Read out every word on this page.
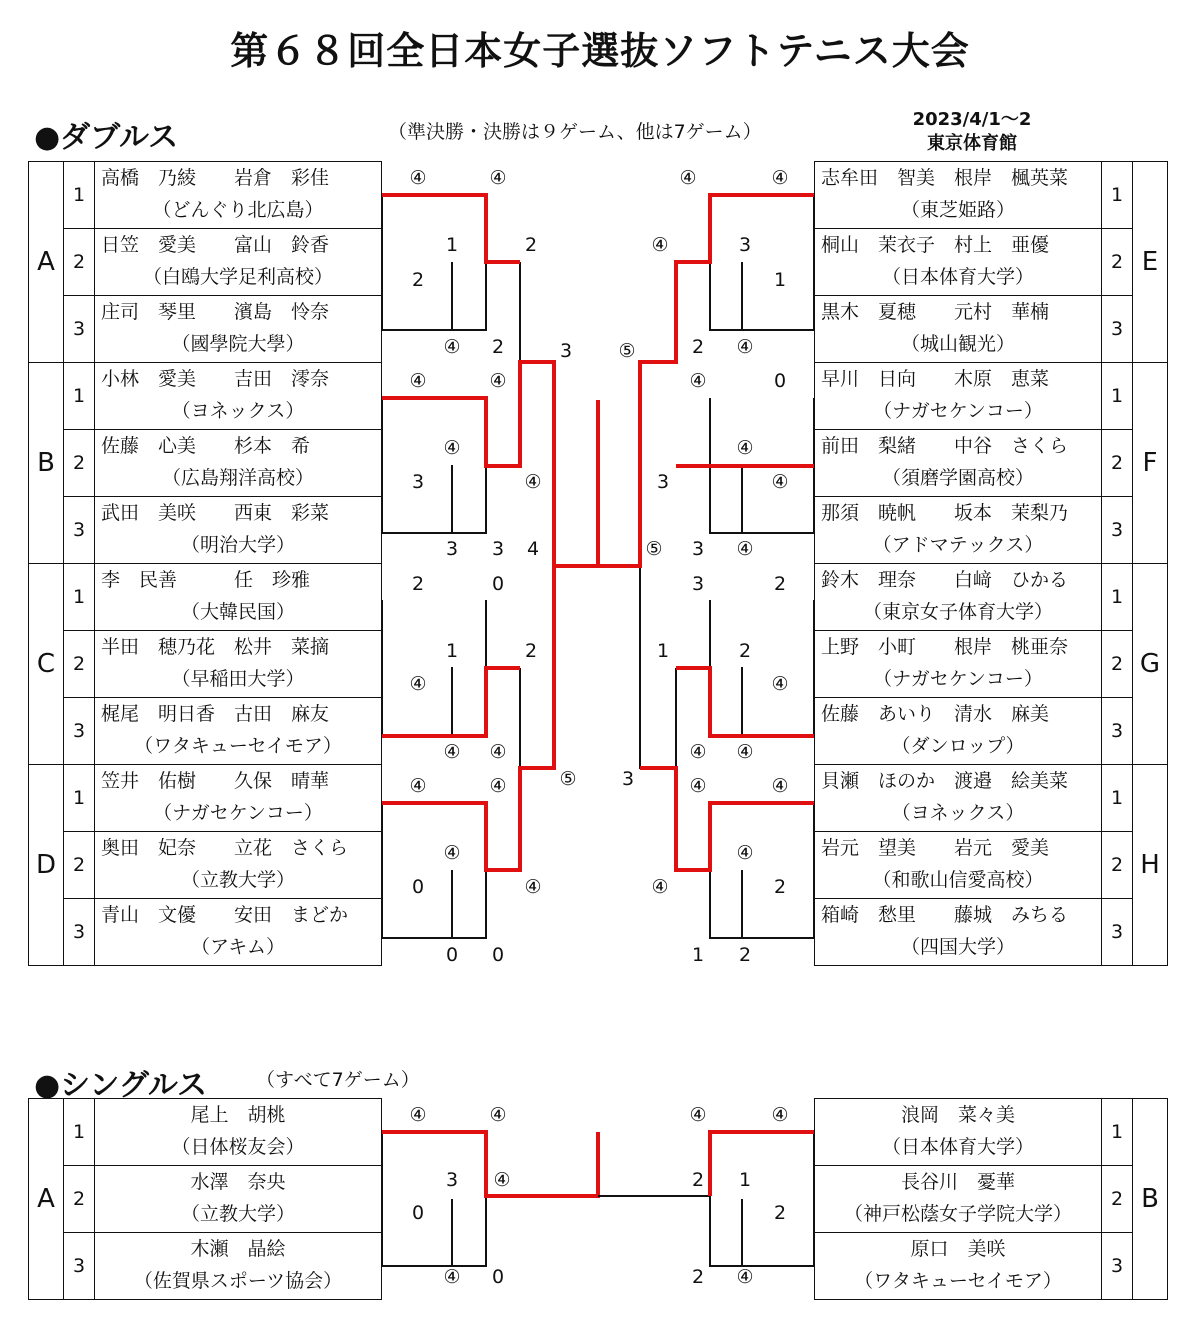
第６８回全日本女子選抜ソフトテニス大会
●ダブルス	（準決勝・決勝は９ゲーム、他は7ゲーム）
2023/4/1～2
東京体育館
A	1	高橋　乃綾　　岩倉　彩佳
（どんぐり北広島）

	2	日笠　愛美　　富山　鈴香
（白鴎大学足利高校）

	3	庄司　琴里　　濱島　怜奈
（國學院大學）

B	1	小林　愛美　　吉田　澪奈
（ヨネックス）

	2	佐藤　心美　　杉本　希
（広島翔洋高校）

	3	武田　美咲　　西東　彩菜
（明治大学）

C	1	李　民善　　　任　珍雅
（大韓民国）

	2	半田　穂乃花　松井　菜摘
（早稲田大学）

	3	梶尾　明日香　古田　麻友
（ワタキューセイモア）

D	1	笠井　佑樹　　久保　晴華
（ナガセケンコー）

	2	奥田　妃奈　　立花　さくら
（立教大学）

	3	青山　文優　　安田　まどか
（アキム）
志牟田　智美　根岸　楓英菜
（東芝姫路）	1	E

桐山　茉衣子　村上　亜優
（日本体育大学）	2	

黒木　夏穂　　元村　華楠
（城山観光）	3	

早川　日向　　木原　恵菜
（ナガセケンコー）	1	F

前田　梨緒　　中谷　さくら
（須磨学園高校）	2	

那須　暁帆　　坂本　茉梨乃
（アドマテックス）	3	

鈴木　理奈　　白﨑　ひかる
（東京女子体育大学）	1	G

上野　小町　　根岸　桃亜奈
（ナガセケンコー）	2	

佐藤　あいり　清水　麻美
（ダンロップ）	3	

貝瀬　ほのか　渡邉　絵美菜
（ヨネックス）	1	H

岩元　望美　　岩元　愛美
（和歌山信愛高校）	2	

箱崎　愁里　　藤城　みちる
（四国大学）	3	
●シングルス	（すべて7ゲーム）
A	1	尾上　胡桃
（日体桜友会）

	2	水澤　奈央
（立教大学）

	3	木瀬　晶絵
（佐賀県スポーツ協会）
浪岡　菜々美
（日本体育大学）	1	B

長谷川　憂華
（神戸松蔭女子学院大学）	2	

原口　美咲
（ワタキューセイモア）	3	
④	④
1	2
2
④ 2	3 ⑤
④	④
④
3	④
3 3 4
2	0
1	2
④
④ ④
⑤ 3
④	④
④
0	④
0 0
④	④
④	3
1
2 ④
④	0
④
3	④
⑤ 3 ④
3	2
1	2
④
④ ④
④	④
④
④	2
1 2
④	④
3 ④
0
④ 0
④	④
2 1
2
2 ④
